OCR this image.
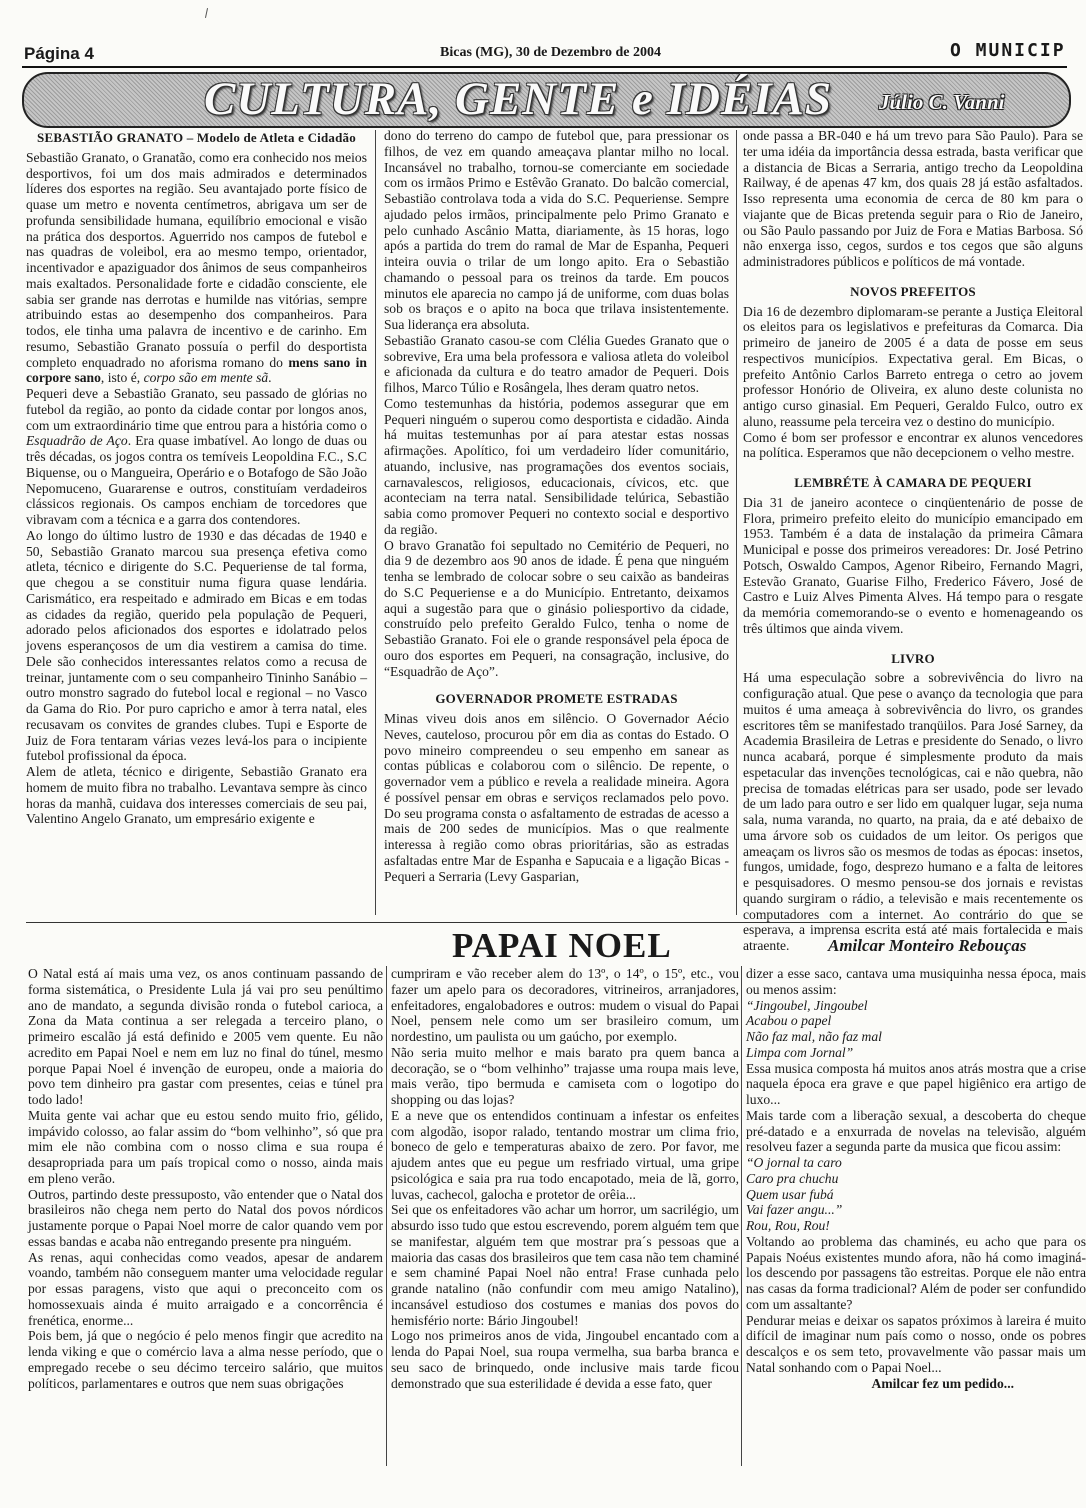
Página 4	Bicas (MG), 30 de Dezembro de 2004	O MUNICIP
CULTURA, GENTE e IDÉIAS Júlio C. Vanni
SEBASTIÃO GRANATO – Modelo de Atleta e Cidadão

Sebastião Granato, o Granatão, como era conhecido nos meios desportivos, foi um dos mais admirados e determinados líderes dos esportes na região. Seu avantajado porte físico de quase um metro e noventa centímetros, abrigava um ser de profunda sensibilidade humana, equilíbrio emocional e visão na prática dos desportos. Aguerrido nos campos de futebol e nas quadras de voleibol, era ao mesmo tempo, orientador, incentivador e apaziguador dos ânimos de seus companheiros mais exaltados. Personalidade forte e cidadão consciente, ele sabia ser grande nas derrotas e humilde nas vitórias, sempre atribuindo estas ao desempenho dos companheiros. Para todos, ele tinha uma palavra de incentivo e de carinho. Em resumo, Sebastião Granato possuía o perfil do desportista completo enquadrado no aforisma romano do mens sano in corpore sano, isto é, corpo são em mente sã.

Pequeri deve a Sebastião Granato, seu passado de glórias no futebol da região, ao ponto da cidade contar por longos anos, com um extraordinário time que entrou para a história como o Esquadrão de Aço. Era quase imbatível. Ao longo de duas ou três décadas, os jogos contra os temíveis Leopoldina F.C., S.C Biquense, ou o Mangueira, Operário e o Botafogo de São João Nepomuceno, Guararense e outros, constituíam verdadeiros clássicos regionais. Os campos enchiam de torcedores que vibravam com a técnica e a garra dos contendores.

Ao longo do último lustro de 1930 e das décadas de 1940 e 50, Sebastião Granato marcou sua presença efetiva como atleta, técnico e dirigente do S.C. Pequeriense de tal forma, que chegou a se constituir numa figura quase lendária. Carismático, era respeitado e admirado em Bicas e em todas as cidades da região, querido pela população de Pequeri, adorado pelos aficionados dos esportes e idolatrado pelos jovens esperançosos de um dia vestirem a camisa do time. Dele são conhecidos interessantes relatos como a recusa de treinar, juntamente com o seu companheiro Tininho Sanábio – outro monstro sagrado do futebol local e regional – no Vasco da Gama do Rio. Por puro capricho e amor à terra natal, eles recusavam os convites de grandes clubes. Tupi e Esporte de Juiz de Fora tentaram várias vezes levá-los para o incipiente futebol profissional da época.

Alem de atleta, técnico e dirigente, Sebastião Granato era homem de muito fibra no trabalho. Levantava sempre às cinco horas da manhã, cuidava dos interesses comerciais de seu pai, Valentino Angelo Granato, um empresário exigente e

dono do terreno do campo de futebol que, para pressionar os filhos, de vez em quando ameaçava plantar milho no local. Incansável no trabalho, tornou-se comerciante em sociedade com os irmãos Primo e Estêvão Granato. Do balcão comercial, Sebastião controlava toda a vida do S.C. Pequeriense. Sempre ajudado pelos irmãos, principalmente pelo Primo Granato e pelo cunhado Ascânio Matta, diariamente, às 15 horas, logo após a partida do trem do ramal de Mar de Espanha, Pequeri inteira ouvia o trilar de um longo apito. Era o Sebastião chamando o pessoal para os treinos da tarde. Em poucos minutos ele aparecia no campo já de uniforme, com duas bolas sob os braços e o apito na boca que trilava insistentemente. Sua liderança era absoluta.

Sebastião Granato casou-se com Clélia Guedes Granato que o sobrevive, Era uma bela professora e valiosa atleta do voleibol e aficionada da cultura e do teatro amador de Pequeri. Dois filhos, Marco Túlio e Rosângela, lhes deram quatro netos.

Como testemunhas da história, podemos assegurar que em Pequeri ninguém o superou como desportista e cidadão. Ainda há muitas testemunhas por aí para atestar estas nossas afirmações. Apolítico, foi um verdadeiro líder comunitário, atuando, inclusive, nas programações dos eventos sociais, carnavalescos, religiosos, educacionais, cívicos, etc. que aconteciam na terra natal. Sensibilidade telúrica, Sebastião sabia como promover Pequeri no contexto social e desportivo da região.

O bravo Granatão foi sepultado no Cemitério de Pequeri, no dia 9 de dezembro aos 90 anos de idade. É pena que ninguém tenha se lembrado de colocar sobre o seu caixão as bandeiras do S.C Pequeriense e a do Município. Entretanto, deixamos aqui a sugestão para que o ginásio poliesportivo da cidade, construído pelo prefeito Geraldo Fulco, tenha o nome de Sebastião Granato. Foi ele o grande responsável pela época de ouro dos esportes em Pequeri, na consagração, inclusive, do “Esquadrão de Aço”.

GOVERNADOR PROMETE ESTRADAS

Minas viveu dois anos em silêncio. O Governador Aécio Neves, cauteloso, procurou pôr em dia as contas do Estado. O povo mineiro compreendeu o seu empenho em sanear as contas públicas e colaborou com o silêncio. De repente, o governador vem a público e revela a realidade mineira. Agora é possível pensar em obras e serviços reclamados pelo povo. Do seu programa consta o asfaltamento de estradas de acesso a mais de 200 sedes de municípios. Mas o que realmente interessa à região como obras prioritárias, são as estradas asfaltadas entre Mar de Espanha e Sapucaia e a ligação Bicas - Pequeri a Serraria (Levy Gasparian,

onde passa a BR-040 e há um trevo para São Paulo). Para se ter uma idéia da importância dessa estrada, basta verificar que a distancia de Bicas a Serraria, antigo trecho da Leopoldina Railway, é de apenas 47 km, dos quais 28 já estão asfaltados. Isso representa uma economia de cerca de 80 km para o viajante que de Bicas pretenda seguir para o Rio de Janeiro, ou São Paulo passando por Juiz de Fora e Matias Barbosa. Só não enxerga isso, cegos, surdos e tos cegos que são alguns administradores públicos e políticos de má vontade.

NOVOS PREFEITOS

Dia 16 de dezembro diplomaram-se perante a Justiça Eleitoral os eleitos para os legislativos e prefeituras da Comarca. Dia primeiro de janeiro de 2005 é a data de posse em seus respectivos municípios. Expectativa geral. Em Bicas, o prefeito Antônio Carlos Barreto entrega o cetro ao jovem professor Honório de Oliveira, ex aluno deste colunista no antigo curso ginasial. Em Pequeri, Geraldo Fulco, outro ex aluno, reassume pela terceira vez o destino do município.

Como é bom ser professor e encontrar ex alunos vencedores na política. Esperamos que não decepcionem o velho mestre.

LEMBRÉTE À CAMARA DE PEQUERI

Dia 31 de janeiro acontece o cinqüentenário de posse de Flora, primeiro prefeito eleito do município emancipado em 1953. Também é a data de instalação da primeira Câmara Municipal e posse dos primeiros vereadores: Dr. José Petrino Potsch, Oswaldo Campos, Agenor Ribeiro, Fernando Magri, Estevão Granato, Guarise Filho, Frederico Fávero, José de Castro e Luiz Alves Pimenta Alves. Há tempo para o resgate da memória comemorando-se o evento e homenageando os três últimos que ainda vivem.

LIVRO

Há uma especulação sobre a sobrevivência do livro na configuração atual. Que pese o avanço da tecnologia que para muitos é uma ameaça à sobrevivência do livro, os grandes escritores têm se manifestado tranqüilos. Para José Sarney, da Academia Brasileira de Letras e presidente do Senado, o livro nunca acabará, porque é simplesmente produto da mais espetacular das invenções tecnológicas, cai e não quebra, não precisa de tomadas elétricas para ser usado, pode ser levado de um lado para outro e ser lido em qualquer lugar, seja numa sala, numa varanda, no quarto, na praia, da e até debaixo de uma árvore sob os cuidados de um leitor. Os perigos que ameaçam os livros são os mesmos de todas as épocas: insetos, fungos, umidade, fogo, desprezo humano e a falta de leitores e pesquisadores. O mesmo pensou-se dos jornais e revistas quando surgiram o rádio, a televisão e mais recentemente os computadores com a internet. Ao contrário do que se esperava, a imprensa escrita está até mais fortalecida e mais atraente.

PAPAI NOEL	Amilcar Monteiro Rebouças

O Natal está aí mais uma vez, os anos continuam passando de forma sistemática, o Presidente Lula já vai pro seu penúltimo ano de mandato, a segunda divisão ronda o futebol carioca, a Zona da Mata continua a ser relegada a terceiro plano, o primeiro escalão já está definido e 2005 vem quente. Eu não acredito em Papai Noel e nem em luz no final do túnel, mesmo porque Papai Noel é invenção de europeu, onde a maioria do povo tem dinheiro pra gastar com presentes, ceias e túnel pra todo lado!

Muita gente vai achar que eu estou sendo muito frio, gélido, impávido colosso, ao falar assim do “bom velhinho”, só que pra mim ele não combina com o nosso clima e sua roupa é desapropriada para um país tropical como o nosso, ainda mais em pleno verão.

Outros, partindo deste pressuposto, vão entender que o Natal dos brasileiros não chega nem perto do Natal dos povos nórdicos justamente porque o Papai Noel morre de calor quando vem por essas bandas e acaba não entregando presente pra ninguém.

As renas, aqui conhecidas como veados, apesar de andarem voando, também não conseguem manter uma velocidade regular por essas paragens, visto que aqui o preconceito com os homossexuais ainda é muito arraigado e a concorrência é frenética, enorme...

Pois bem, já que o negócio é pelo menos fingir que acredito na lenda viking e que o comércio lava a alma nesse período, que o empregado recebe o seu décimo terceiro salário, que muitos políticos, parlamentares e outros que nem suas obrigações

cumpriram e vão receber alem do 13º, o 14º, o 15º, etc., vou fazer um apelo para os decoradores, vitrineiros, arranjadores, enfeitadores, engalobadores e outros: mudem o visual do Papai Noel, pensem nele como um ser brasileiro comum, um nordestino, um paulista ou um gaúcho, por exemplo.

Não seria muito melhor e mais barato pra quem banca a decoração, se o “bom velhinho” trajasse uma roupa mais leve, mais verão, tipo bermuda e camiseta com o logotipo do shopping ou das lojas?

E a neve que os entendidos continuam a infestar os enfeites com algodão, isopor ralado, tentando mostrar um clima frio, boneco de gelo e temperaturas abaixo de zero. Por favor, me ajudem antes que eu pegue um resfriado virtual, uma gripe psicológica e saia pra rua todo encapotado, meia de lã, gorro, luvas, cachecol, galocha e protetor de orêia...

Sei que os enfeitadores vão achar um horror, um sacrilégio, um absurdo isso tudo que estou escrevendo, porem alguém tem que se manifestar, alguém tem que mostrar pra´s pessoas que a maioria das casas dos brasileiros que tem casa não tem chaminé e sem chaminé Papai Noel não entra! Frase cunhada pelo grande natalino (não confundir com meu amigo Natalino), incansável estudioso dos costumes e manias dos povos do hemisfério norte: Bário Jingoubel!

Logo nos primeiros anos de vida, Jingoubel encantado com a lenda do Papai Noel, sua roupa vermelha, sua barba branca e seu saco de brinquedo, onde inclusive mais tarde ficou demonstrado que sua esterilidade é devida a esse fato, quer

dizer a esse saco, cantava uma musiquinha nessa época, mais ou menos assim:

“Jingoubel, Jingoubel
Acabou o papel
Não faz mal, não faz mal
Limpa com Jornal”

Essa musica composta há muitos anos atrás mostra que a crise naquela época era grave e que papel higiênico era artigo de luxo...

Mais tarde com a liberação sexual, a descoberta do cheque pré-datado e a enxurrada de novelas na televisão, alguém resolveu fazer a segunda parte da musica que ficou assim:

“O jornal ta caro
Caro pra chuchu
Quem usar fubá
Vai fazer angu...”
Rou, Rou, Rou!

Voltando ao problema das chaminés, eu acho que para os Papais Noéus existentes mundo afora, não há como imaginá-los descendo por passagens tão estreitas. Porque ele não entra nas casas da forma tradicional? Além de poder ser confundido com um assaltante?

Pendurar meias e deixar os sapatos próximos à lareira é muito difícil de imaginar num país como o nosso, onde os pobres descalços e os sem teto, provavelmente vão passar mais um Natal sonhando com o Papai Noel...

Amilcar fez um pedido...
